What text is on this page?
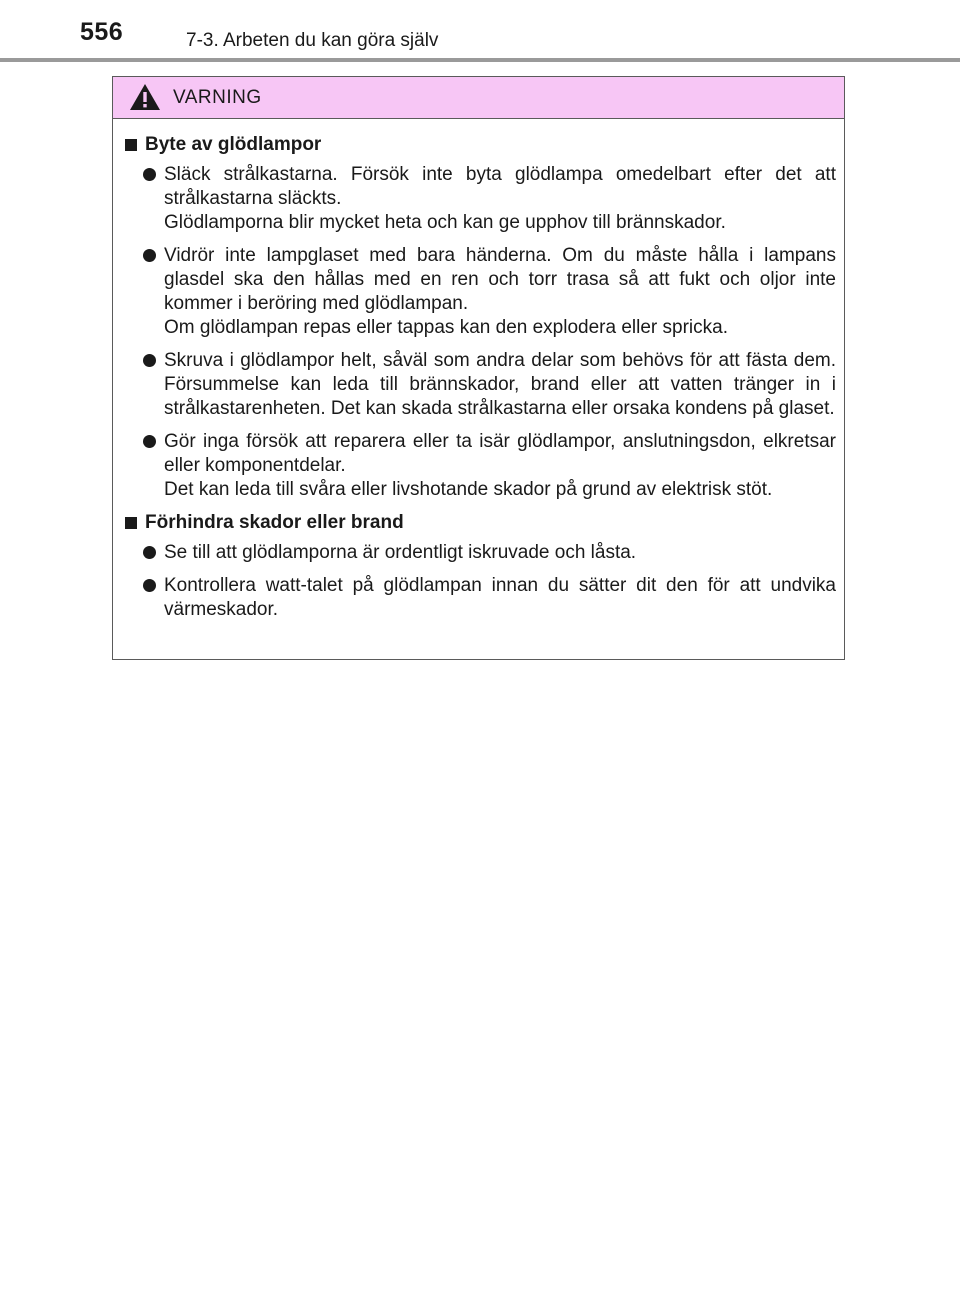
556	7-3. Arbeten du kan göra själv
VARNING
Byte av glödlampor
Släck strålkastarna. Försök inte byta glödlampa omedelbart efter det att strålkastarna släckts.
Glödlamporna blir mycket heta och kan ge upphov till brännskador.
Vidrör inte lampglaset med bara händerna. Om du måste hålla i lampans glasdel ska den hållas med en ren och torr trasa så att fukt och oljor inte kommer i beröring med glödlampan.
Om glödlampan repas eller tappas kan den explodera eller spricka.
Skruva i glödlampor helt, såväl som andra delar som behövs för att fästa dem. Försummelse kan leda till brännskador, brand eller att vatten tränger in i strålkastarenheten. Det kan skada strålkastarna eller orsaka kondens på glaset.
Gör inga försök att reparera eller ta isär glödlampor, anslutningsdon, elkretsar eller komponentdelar.
Det kan leda till svåra eller livshotande skador på grund av elektrisk stöt.
Förhindra skador eller brand
Se till att glödlamporna är ordentligt iskruvade och låsta.
Kontrollera watt-talet på glödlampan innan du sätter dit den för att undvika värmeskador.
